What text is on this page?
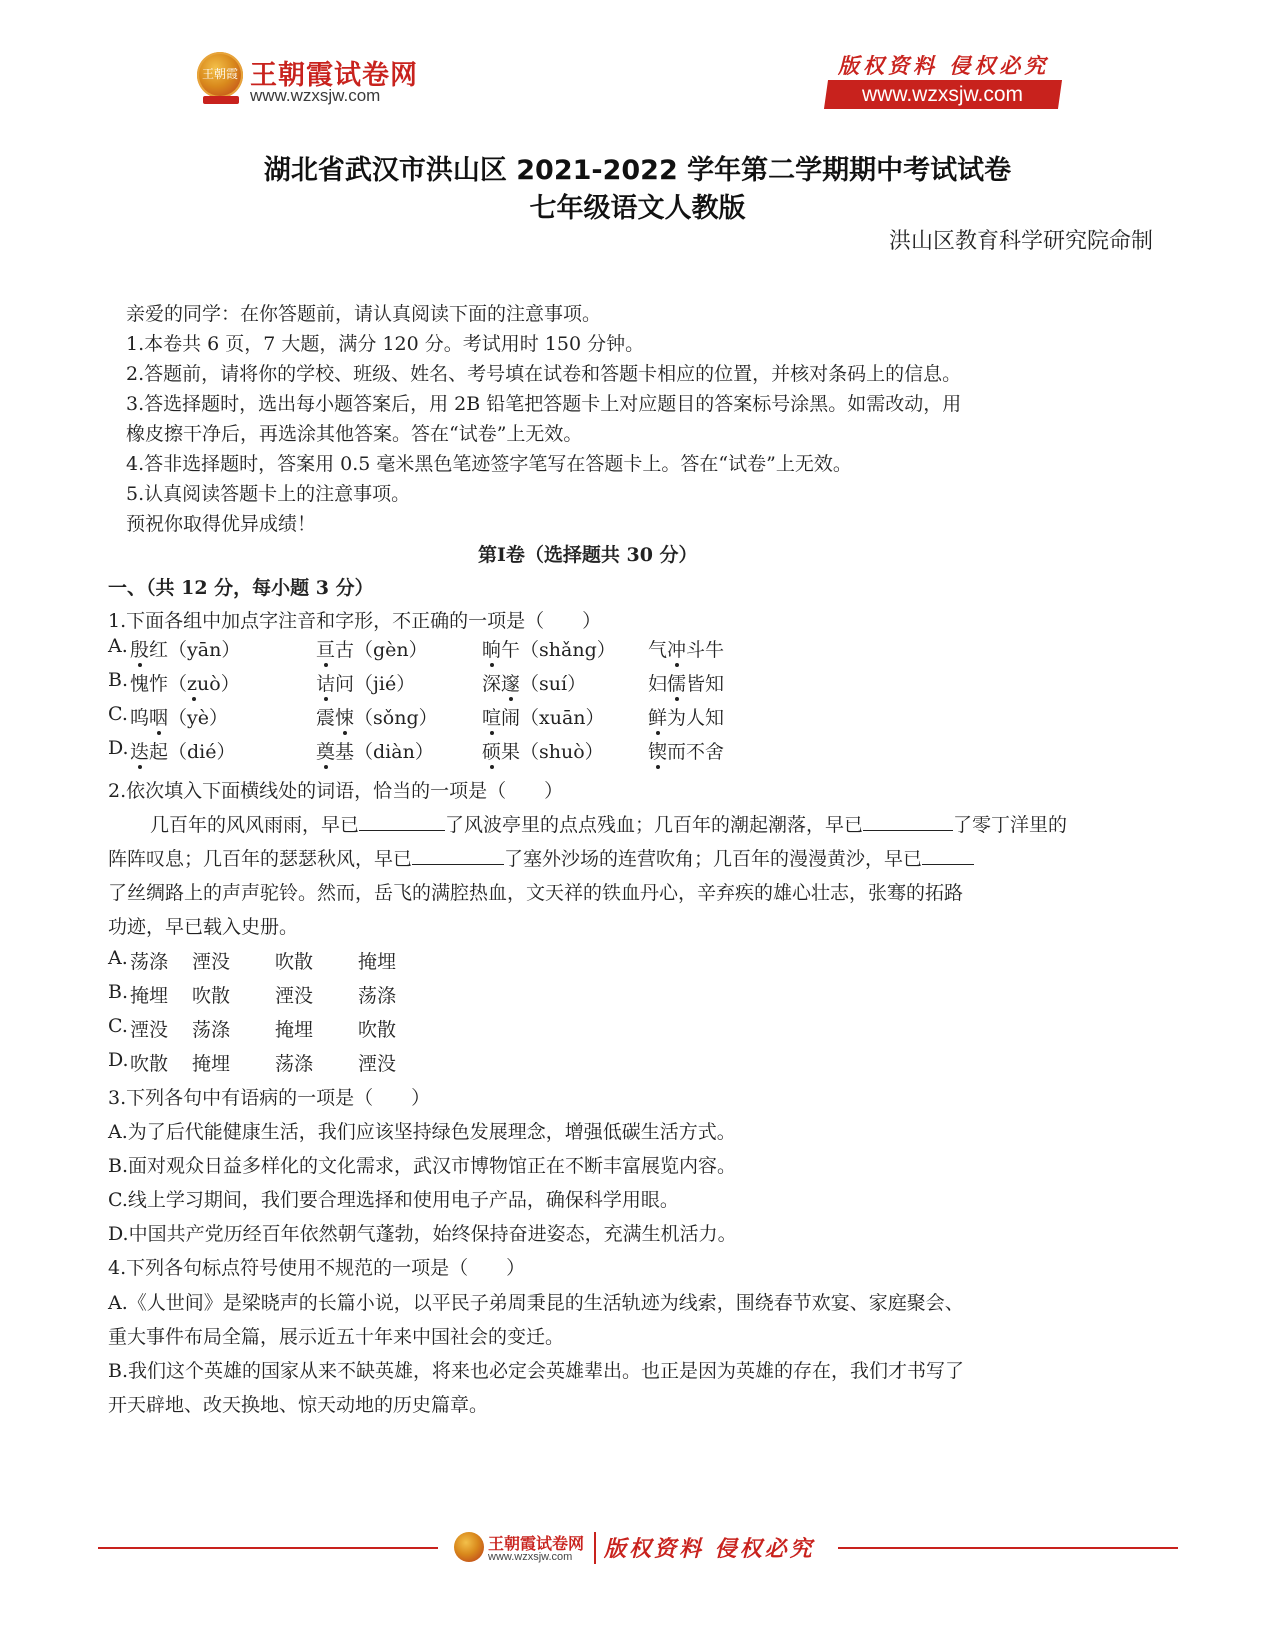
王朝霞 王朝霞试卷网
www.wzxsjw.com
版权资料 侵权必究
www.wzxsjw.com
湖北省武汉市洪山区 2021-2022 学年第二学期期中考试试卷
七年级语文人教版
洪山区教育科学研究院命制
亲爱的同学：在你答题前，请认真阅读下面的注意事项。
1.本卷共 6 页，7 大题，满分 120 分。考试用时 150 分钟。
2.答题前，请将你的学校、班级、姓名、考号填在试卷和答题卡相应的位置，并核对条码上的信息。
3.答选择题时，选出每小题答案后，用 2B 铅笔把答题卡上对应题目的答案标号涂黑。如需改动，用
橡皮擦干净后，再选涂其他答案。答在“试卷”上无效。
4.答非选择题时，答案用 0.5 毫米黑色笔迹签字笔写在答题卡上。答在“试卷”上无效。
5.认真阅读答题卡上的注意事项。
预祝你取得优异成绩！
第Ⅰ卷（选择题共 30 分）
一、（共 12 分，每小题 3 分）
1.下面各组中加点字注音和字形，不正确的一项是（　　）
A. 殷红（yān）	亘古（gèn）	晌午（shǎng） 气冲斗牛
B. 愧怍（zuò）	诘问（jié）	深邃（suí）	妇儒皆知
C. 呜咽（yè）	震悚（sǒng） 喧闹（xuān） 鲜为人知
D. 迭起（dié）	奠基（diàn）	硕果（shuò） 锲而不舍
2.依次填入下面横线处的词语，恰当的一项是（　　）
几百年的风风雨雨，早已	了风波亭里的点点残血；几百年的潮起潮落，早已	了零丁洋里的
阵阵叹息；几百年的瑟瑟秋风，早已	了塞外沙场的连营吹角；几百年的漫漫黄沙，早已
了丝绸路上的声声驼铃。然而，岳飞的满腔热血，文天祥的铁血丹心，辛弃疾的雄心壮志，张骞的拓路
功迹，早已载入史册。
A. 荡涤 湮没 吹散 掩埋
B. 掩埋 吹散 湮没 荡涤
C. 湮没 荡涤 掩埋 吹散
D. 吹散 掩埋 荡涤 湮没
3.下列各句中有语病的一项是（　　）
A.为了后代能健康生活，我们应该坚持绿色发展理念，增强低碳生活方式。
B.面对观众日益多样化的文化需求，武汉市博物馆正在不断丰富展览内容。
C.线上学习期间，我们要合理选择和使用电子产品，确保科学用眼。
D.中国共产党历经百年依然朝气蓬勃，始终保持奋进姿态，充满生机活力。
4.下列各句标点符号使用不规范的一项是（　　）
A.《人世间》是梁晓声的长篇小说，以平民子弟周秉昆的生活轨迹为线索，围绕春节欢宴、家庭聚会、
重大事件布局全篇，展示近五十年来中国社会的变迁。
B.我们这个英雄的国家从来不缺英雄，将来也必定会英雄辈出。也正是因为英雄的存在，我们才书写了
开天辟地、改天换地、惊天动地的历史篇章。
王朝霞试卷网
www.wzxsjw.com 版权资料 侵权必究
